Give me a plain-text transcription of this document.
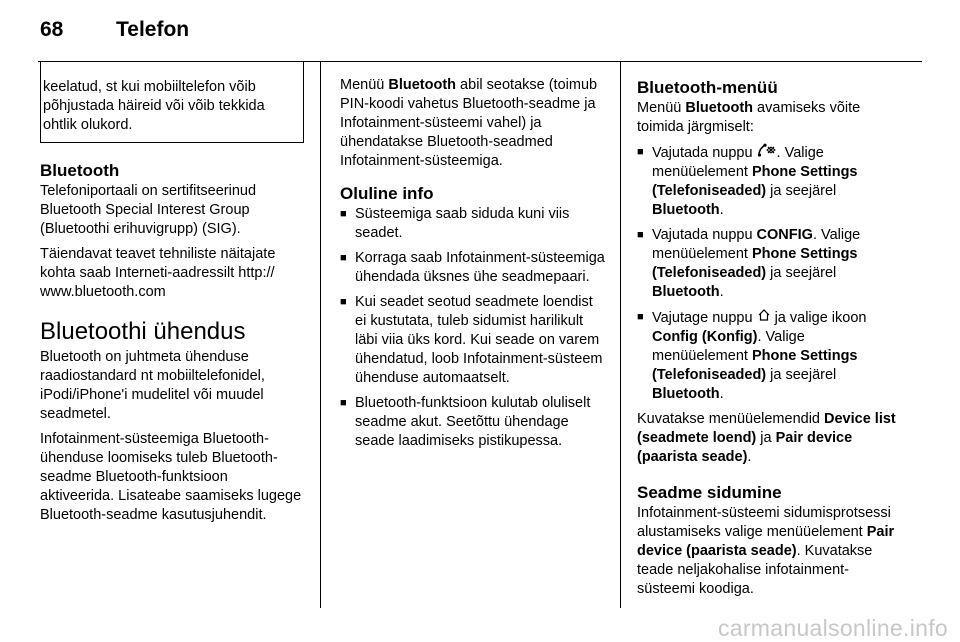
68	Telefon
keelatud, st kui mobiiltelefon võib põhjustada häireid või võib tekkida ohtlik olukord.
Bluetooth

Telefoniportaali on sertifitseerinud Bluetooth Special Interest Group (Bluetoothi erihuvigrupp) (SIG).

Täiendavat teavet tehniliste näitajate kohta saab Interneti-aadressilt http:// www.bluetooth.com

Bluetoothi ühendus

Bluetooth on juhtmeta ühenduse raadiostandard nt mobiiltelefonidel, iPodi/iPhone'i mudelitel või muudel seadmetel.

Infotainment-süsteemiga Bluetooth-ühenduse loomiseks tuleb Bluetooth-seadme Bluetooth-funktsioon aktiveerida. Lisateabe saamiseks lugege Bluetooth-seadme kasutusjuhendit.

Menüü Bluetooth abil seotakse (toimub PIN-koodi vahetus Bluetooth-seadme ja Infotainment-süsteemi vahel) ja ühendatakse Bluetooth-seadmed Infotainment-süsteemiga.

Oluline info
■ Süsteemiga saab siduda kuni viis seadet.
■ Korraga saab Infotainment-süsteemiga ühendada üksnes ühe seadmepaari.
■ Kui seadet seotud seadmete loendist ei kustutata, tuleb sidumist harilikult läbi viia üks kord. Kui seade on varem ühendatud, loob Infotainment-süsteem ühenduse automaatselt.
■ Bluetooth-funktsioon kulutab oluliselt seadme akut. Seetõttu ühendage seade laadimiseks pistikupessa.
Bluetooth-menüü

Menüü Bluetooth avamiseks võite toimida järgmiselt:

■ Vajutada nuppu . Valige menüüelement Phone Settings (Telefoniseaded) ja seejärel Bluetooth.
■ Vajutada nuppu CONFIG. Valige menüüelement Phone Settings (Telefoniseaded) ja seejärel Bluetooth.
■ Vajutage nuppu  ja valige ikoon Config (Konfig). Valige menüüelement Phone Settings (Telefoniseaded) ja seejärel Bluetooth.

Kuvatakse menüüelemendid Device list (seadmete loend) ja Pair device (paarista seade).

Seadme sidumine

Infotainment-süsteemi sidumisprotsessi alustamiseks valige menüüelement Pair device (paarista seade). Kuvatakse teade neljakohalise infotainment-süsteemi koodiga.

carmanualsonline.info
